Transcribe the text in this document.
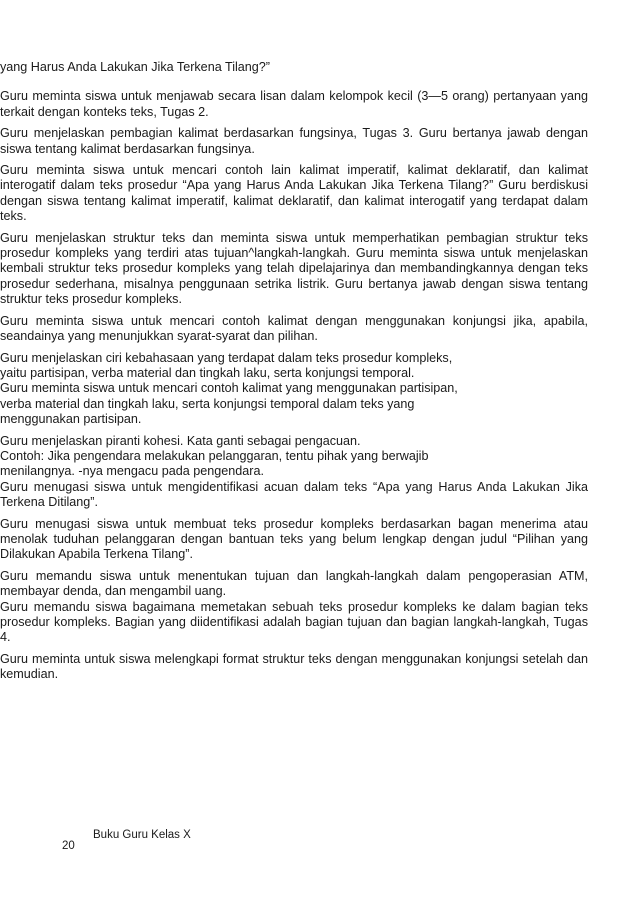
yang Harus Anda Lakukan Jika Terkena Tilang?”
Guru meminta siswa untuk menjawab secara lisan dalam kelompok kecil (3—5 orang) pertanyaan yang terkait dengan konteks teks, Tugas 2.
Guru menjelaskan pembagian kalimat berdasarkan fungsinya, Tugas 3. Guru bertanya jawab dengan siswa tentang kalimat berdasarkan fungsinya.
Guru meminta siswa untuk mencari contoh lain kalimat imperatif, kalimat deklaratif, dan kalimat interogatif dalam teks prosedur “Apa yang Harus Anda Lakukan Jika Terkena Tilang?” Guru berdiskusi dengan siswa tentang kalimat imperatif, kalimat deklaratif, dan kalimat interogatif yang terdapat dalam teks.
Guru menjelaskan struktur teks dan meminta siswa untuk memperhatikan pembagian struktur teks prosedur kompleks yang terdiri atas tujuan^langkah-langkah. Guru meminta siswa untuk menjelaskan kembali struktur teks prosedur kompleks yang telah dipelajarinya dan membandingkannya dengan teks prosedur sederhana, misalnya penggunaan setrika listrik. Guru bertanya jawab dengan siswa tentang struktur teks prosedur kompleks.
Guru meminta siswa untuk mencari contoh kalimat dengan menggunakan konjungsi jika, apabila, seandainya yang menunjukkan syarat-syarat dan pilihan.
Guru menjelaskan ciri kebahasaan yang terdapat dalam teks prosedur kompleks,
yaitu partisipan, verba material dan tingkah laku, serta konjungsi temporal.
Guru meminta siswa untuk mencari contoh kalimat yang menggunakan partisipan,
verba material dan tingkah laku, serta konjungsi temporal dalam teks yang
menggunakan partisipan.
Guru menjelaskan piranti kohesi. Kata ganti sebagai pengacuan.
Contoh: Jika pengendara melakukan pelanggaran, tentu pihak yang berwajib
menilangnya. -nya mengacu pada pengendara.
Guru menugasi siswa untuk mengidentifikasi acuan dalam teks “Apa yang Harus Anda Lakukan Jika Terkena Ditilang”.
Guru menugasi siswa untuk membuat teks prosedur kompleks berdasarkan bagan menerima atau menolak tuduhan pelanggaran dengan bantuan teks yang belum lengkap dengan judul “Pilihan yang Dilakukan Apabila Terkena Tilang”.
Guru memandu siswa untuk menentukan tujuan dan langkah-langkah dalam pengoperasian ATM, membayar denda, dan mengambil uang.
Guru memandu siswa bagaimana memetakan sebuah teks prosedur kompleks ke dalam bagian teks prosedur kompleks. Bagian yang diidentifikasi adalah bagian tujuan dan bagian langkah-langkah, Tugas 4.
Guru meminta untuk siswa melengkapi format struktur teks dengan menggunakan konjungsi setelah dan kemudian.
Buku Guru Kelas X
20
